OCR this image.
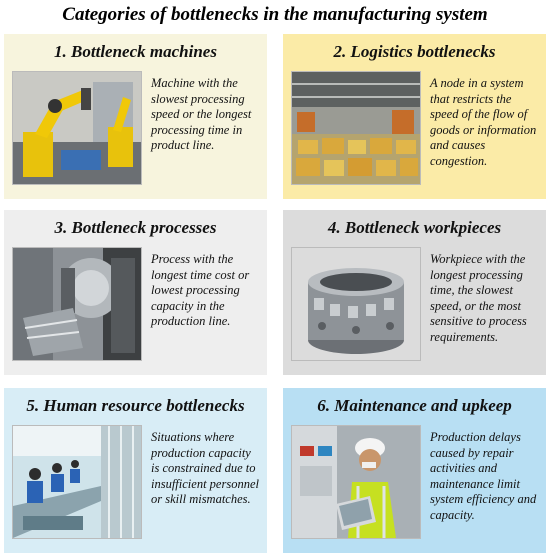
Categories of bottlenecks in the manufacturing system
1. Bottleneck machines
Machine with the slowest processing speed or the longest processing time in product line.
2. Logistics bottlenecks
A node in a system that restricts the speed of the flow of goods or information and causes congestion.
3. Bottleneck processes
Process with the longest time cost or lowest processing capacity in the production line.
4. Bottleneck workpieces
Workpiece with the longest processing time, the slowest speed, or the most sensitive to process requirements.
5. Human resource bottlenecks
Situations where production capacity is constrained due to insufficient personnel or skill mismatches.
6. Maintenance and upkeep
Production delays caused by repair activities and maintenance limit system efficiency and capacity.
